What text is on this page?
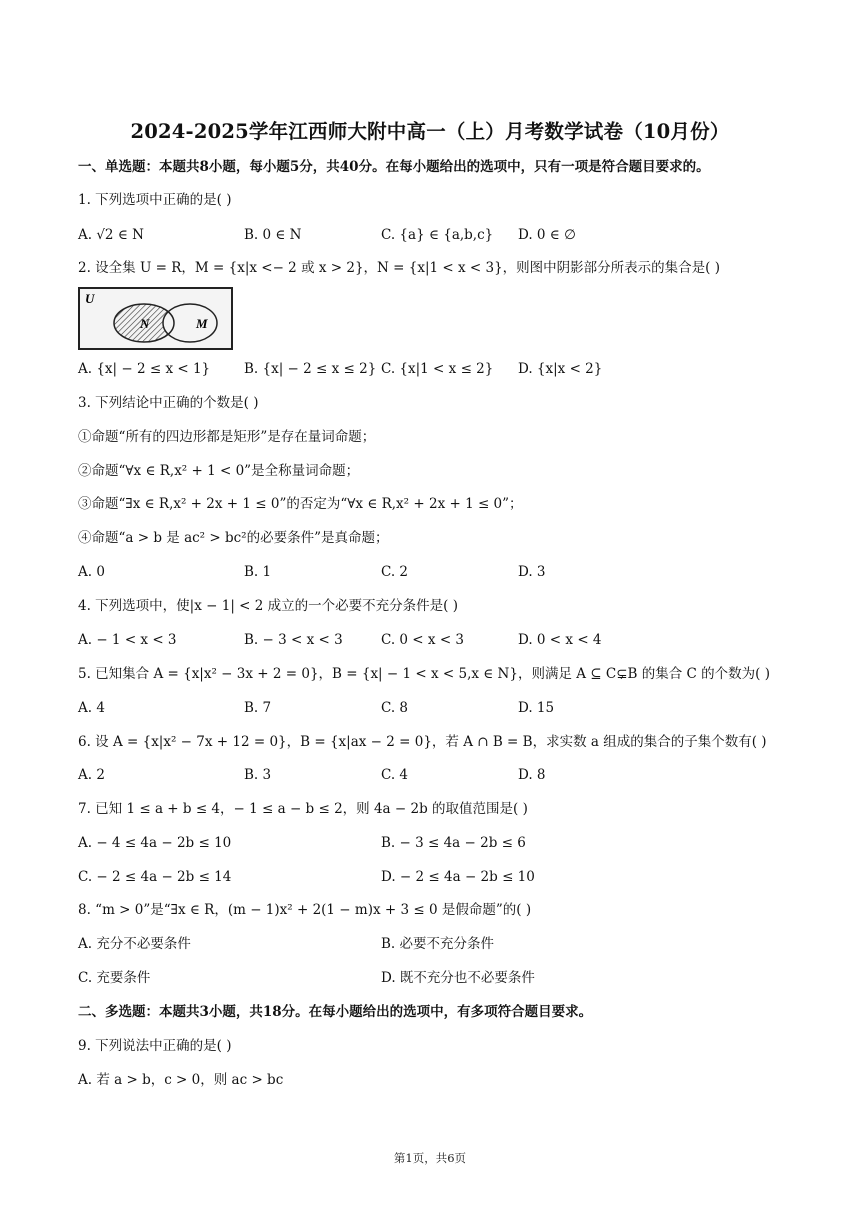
2024-2025学年江西师大附中高一（上）月考数学试卷（10月份）
一、单选题：本题共8小题，每小题5分，共40分。在每小题给出的选项中，只有一项是符合题目要求的。
1. 下列选项中正确的是( )
A. √2 ∈ N	B. 0 ∈ N	C. {a} ∈ {a,b,c} D. 0 ∈ ∅
2. 设全集 U = R，M = {x|x <− 2 或 x > 2}，N = {x|1 < x < 3}，则图中阴影部分所表示的集合是( )
U
N	M
A. {x| − 2 ≤ x < 1}	B. {x| − 2 ≤ x ≤ 2} C. {x|1 < x ≤ 2} D. {x|x < 2}
3. 下列结论中正确的个数是( )
①命题“所有的四边形都是矩形”是存在量词命题；
②命题“∀x ∈ R,x² + 1 < 0”是全称量词命题；
③命题“∃x ∈ R,x² + 2x + 1 ≤ 0”的否定为“∀x ∈ R,x² + 2x + 1 ≤ 0”；
④命题“a > b 是 ac² > bc²的必要条件”是真命题；
A. 0	B. 1	C. 2	D. 3
4. 下列选项中，使|x − 1| < 2 成立的一个必要不充分条件是( )
A. − 1 < x < 3	B. − 3 < x < 3	C. 0 < x < 3	D. 0 < x < 4
5. 已知集合 A = {x|x² − 3x + 2 = 0}，B = {x| − 1 < x < 5,x ∈ N}，则满足 A ⊆ C⊊B 的集合 C 的个数为( )
A. 4	B. 7	C. 8	D. 15
6. 设 A = {x|x² − 7x + 12 = 0}，B = {x|ax − 2 = 0}，若 A ∩ B = B，求实数 a 组成的集合的子集个数有( )
A. 2	B. 3	C. 4	D. 8
7. 已知 1 ≤ a + b ≤ 4，− 1 ≤ a − b ≤ 2，则 4a − 2b 的取值范围是( )
A. − 4 ≤ 4a − 2b ≤ 10	B. − 3 ≤ 4a − 2b ≤ 6
C. − 2 ≤ 4a − 2b ≤ 14	D. − 2 ≤ 4a − 2b ≤ 10
8. “m > 0”是“∃x ∈ R，(m − 1)x² + 2(1 − m)x + 3 ≤ 0 是假命题”的( )
A. 充分不必要条件	B. 必要不充分条件
C. 充要条件	D. 既不充分也不必要条件
二、多选题：本题共3小题，共18分。在每小题给出的选项中，有多项符合题目要求。
9. 下列说法中正确的是( )
A. 若 a > b，c > 0，则 ac > bc
第1页，共6页
